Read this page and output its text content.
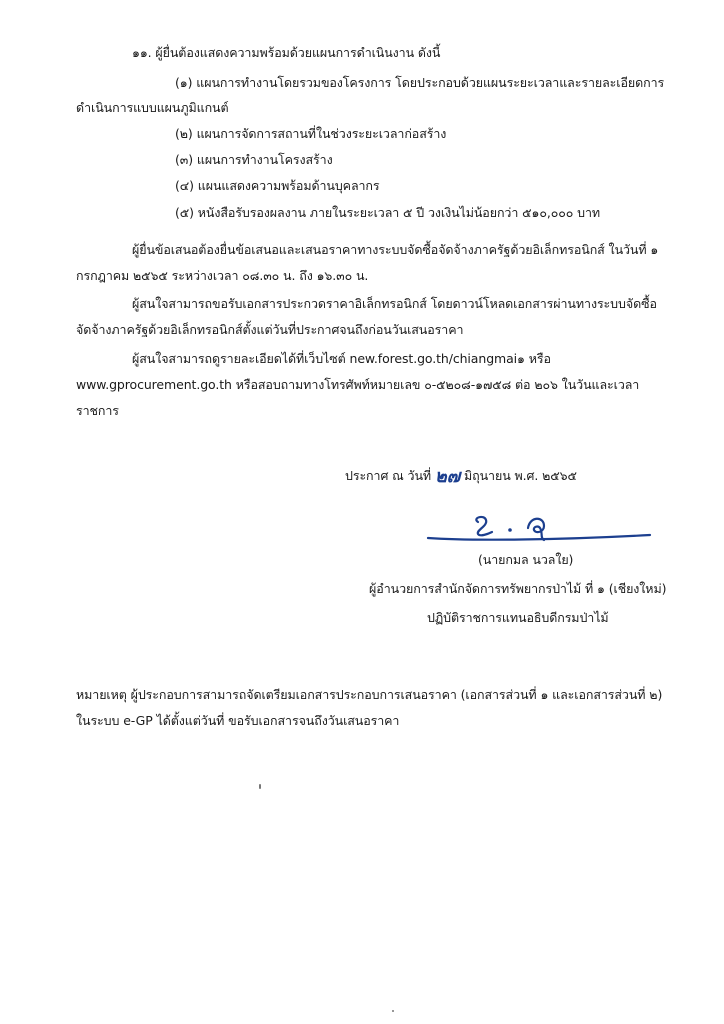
๑๑. ผู้ยื่นต้องแสดงความพร้อมด้วยแผนการดำเนินงาน ดังนี้
(๑) แผนการทำงานโดยรวมของโครงการ โดยประกอบด้วยแผนระยะเวลาและรายละเอียดการ
ดำเนินการแบบแผนภูมิแกนต์
(๒) แผนการจัดการสถานที่ในช่วงระยะเวลาก่อสร้าง
(๓) แผนการทำงานโครงสร้าง
(๔) แผนแสดงความพร้อมด้านบุคลากร
(๕) หนังสือรับรองผลงาน ภายในระยะเวลา ๕ ปี วงเงินไม่น้อยกว่า ๕๑๐,๐๐๐ บาท
ผู้ยื่นข้อเสนอต้องยื่นข้อเสนอและเสนอราคาทางระบบจัดซื้อจัดจ้างภาครัฐด้วยอิเล็กทรอนิกส์ ในวันที่ ๑
กรกฎาคม ๒๕๖๕ ระหว่างเวลา ๐๘.๓๐ น. ถึง ๑๖.๓๐ น.
ผู้สนใจสามารถขอรับเอกสารประกวดราคาอิเล็กทรอนิกส์ โดยดาวน์โหลดเอกสารผ่านทางระบบจัดซื้อ
จัดจ้างภาครัฐด้วยอิเล็กทรอนิกส์ตั้งแต่วันที่ประกาศจนถึงก่อนวันเสนอราคา
ผู้สนใจสามารถดูรายละเอียดได้ที่เว็บไซต์ new.forest.go.th/chiangmai๑ หรือ
www.gprocurement.go.th หรือสอบถามทางโทรศัพท์หมายเลข ๐-๕๒๐๘-๑๗๕๘ ต่อ ๒๐๖ ในวันและเวลา
ราชการ
ประกาศ ณ วันที่ ๒๗ มิถุนายน พ.ศ. ๒๕๖๕
(นายกมล นวลใย)
ผู้อำนวยการสำนักจัดการทรัพยากรป่าไม้ ที่ ๑ (เชียงใหม่)
ปฏิบัติราชการแทนอธิบดีกรมป่าไม้
หมายเหตุ ผู้ประกอบการสามารถจัดเตรียมเอกสารประกอบการเสนอราคา (เอกสารส่วนที่ ๑ และเอกสารส่วนที่ ๒)
ในระบบ e-GP ได้ตั้งแต่วันที่ ขอรับเอกสารจนถึงวันเสนอราคา
